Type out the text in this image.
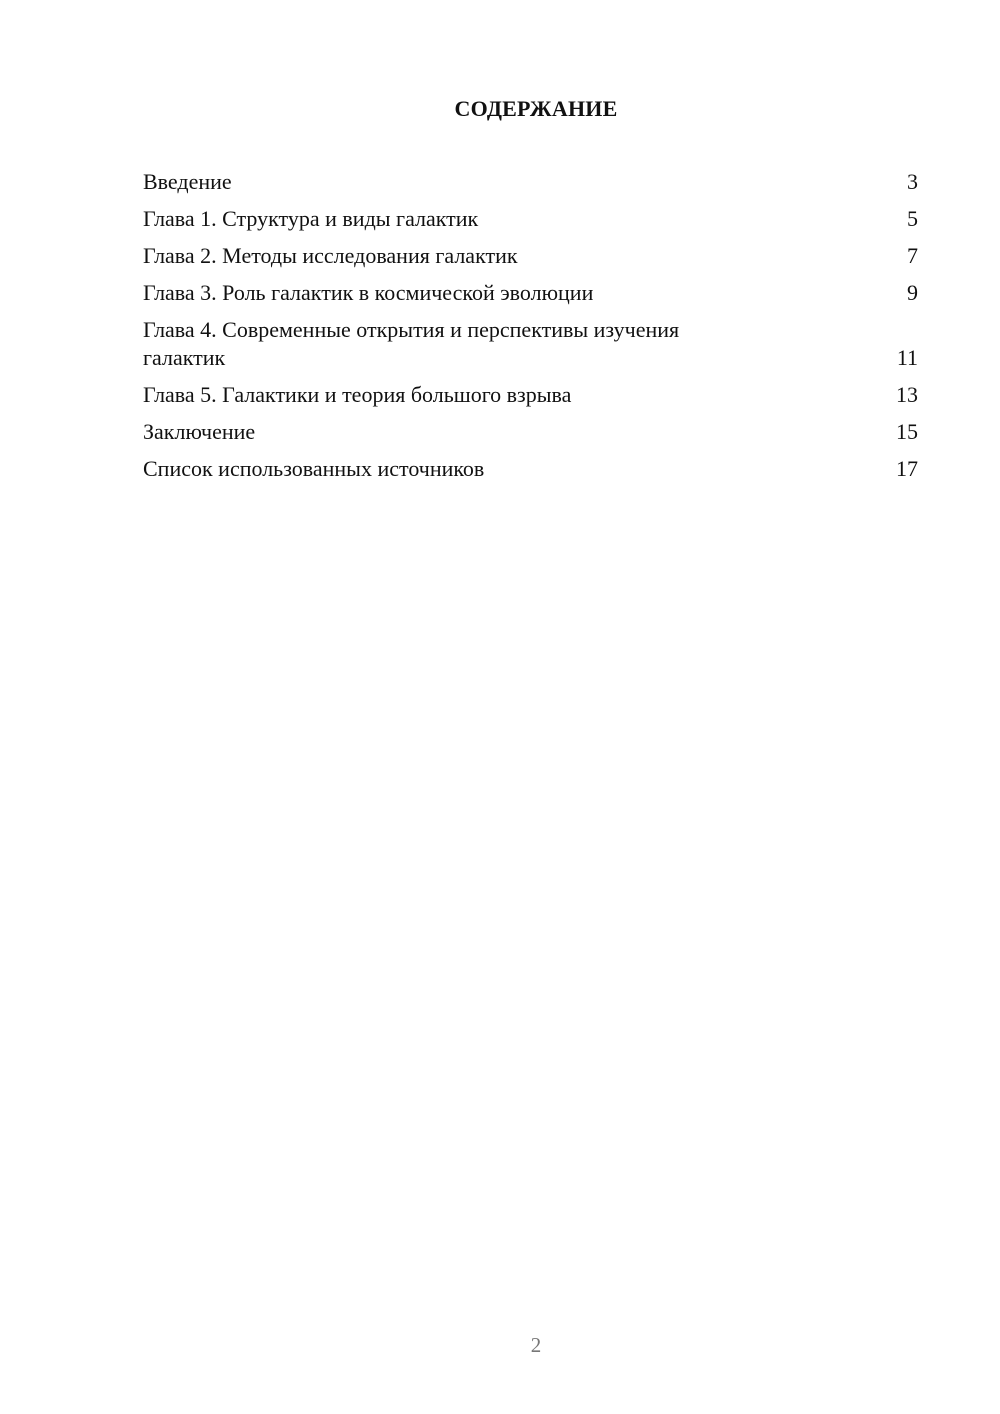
СОДЕРЖАНИЕ
Введение	3
Глава 1. Структура и виды галактик	5
Глава 2. Методы исследования галактик	7
Глава 3. Роль галактик в космической эволюции	9
Глава 4. Современные открытия и перспективы изучения галактик	11
Глава 5. Галактики и теория большого взрыва	13
Заключение	15
Список использованных источников	17
2
